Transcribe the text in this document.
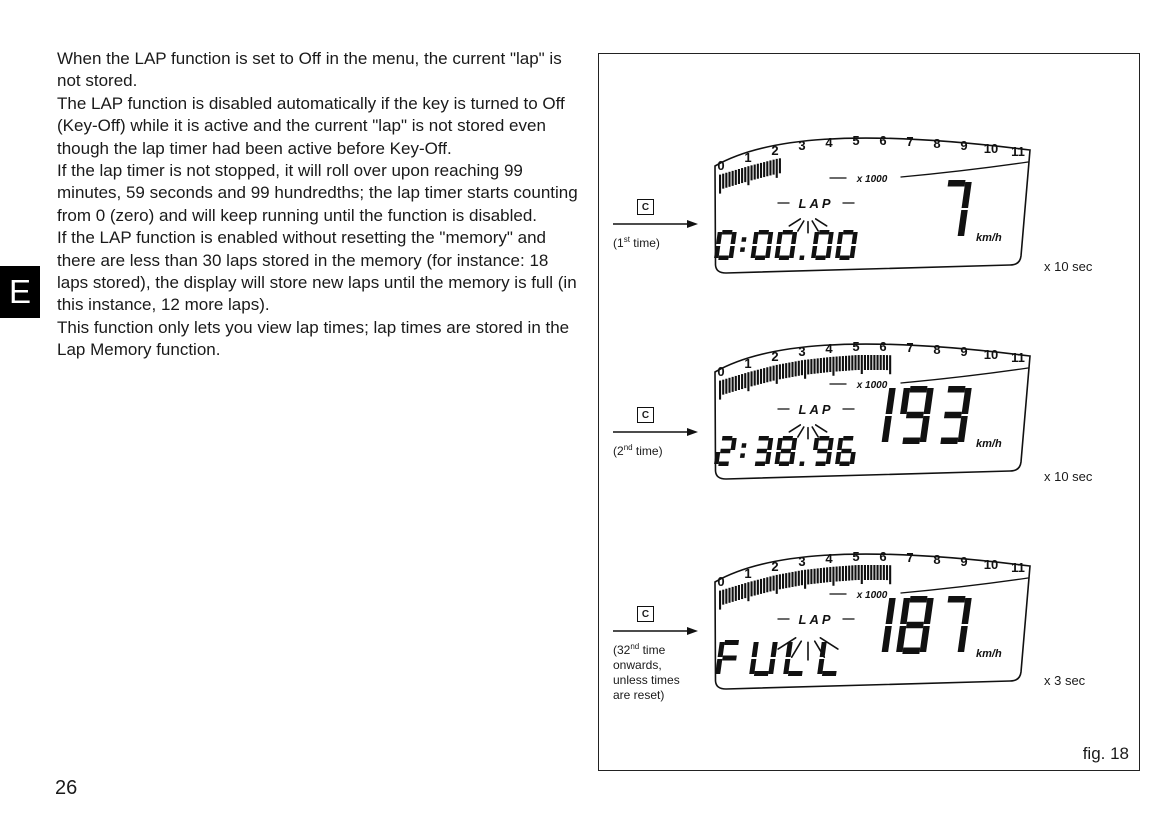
When the LAP function is set to Off in the menu, the current "lap" is not stored.

The LAP function is disabled automatically if the key is turned to Off (Key-Off) while it is active and the current "lap" is not stored even though the lap timer had been active before Key-Off.

If the lap timer is not stopped, it will roll over upon reaching 99 minutes, 59 seconds and 99 hundredths; the lap timer starts counting from 0 (zero) and will keep running until the function is disabled.

If the LAP function is enabled without resetting the "memory" and there are less than 30 laps stored in the memory (for instance: 18 laps stored), the display will store new laps until the memory is full (in this instance, 12 more laps).

This function only lets you view lap times; lap times are stored in the Lap Memory function.

E
26
0
1 2 3 4 5 6 7 8 9 10 11
x 1000
LAP
km/h
0
1 2 3 4 5 6 7 8 9 10 11
x 1000
LAP
km/h
0
1 2 3 4 5 6 7 8 9 10 11
x 1000
LAP
km/h
C
(1st time)
C
(2nd time)
C
(32nd time onwards, unless times are reset)
x 10 sec
x 10 sec
x 3 sec
fig. 18
